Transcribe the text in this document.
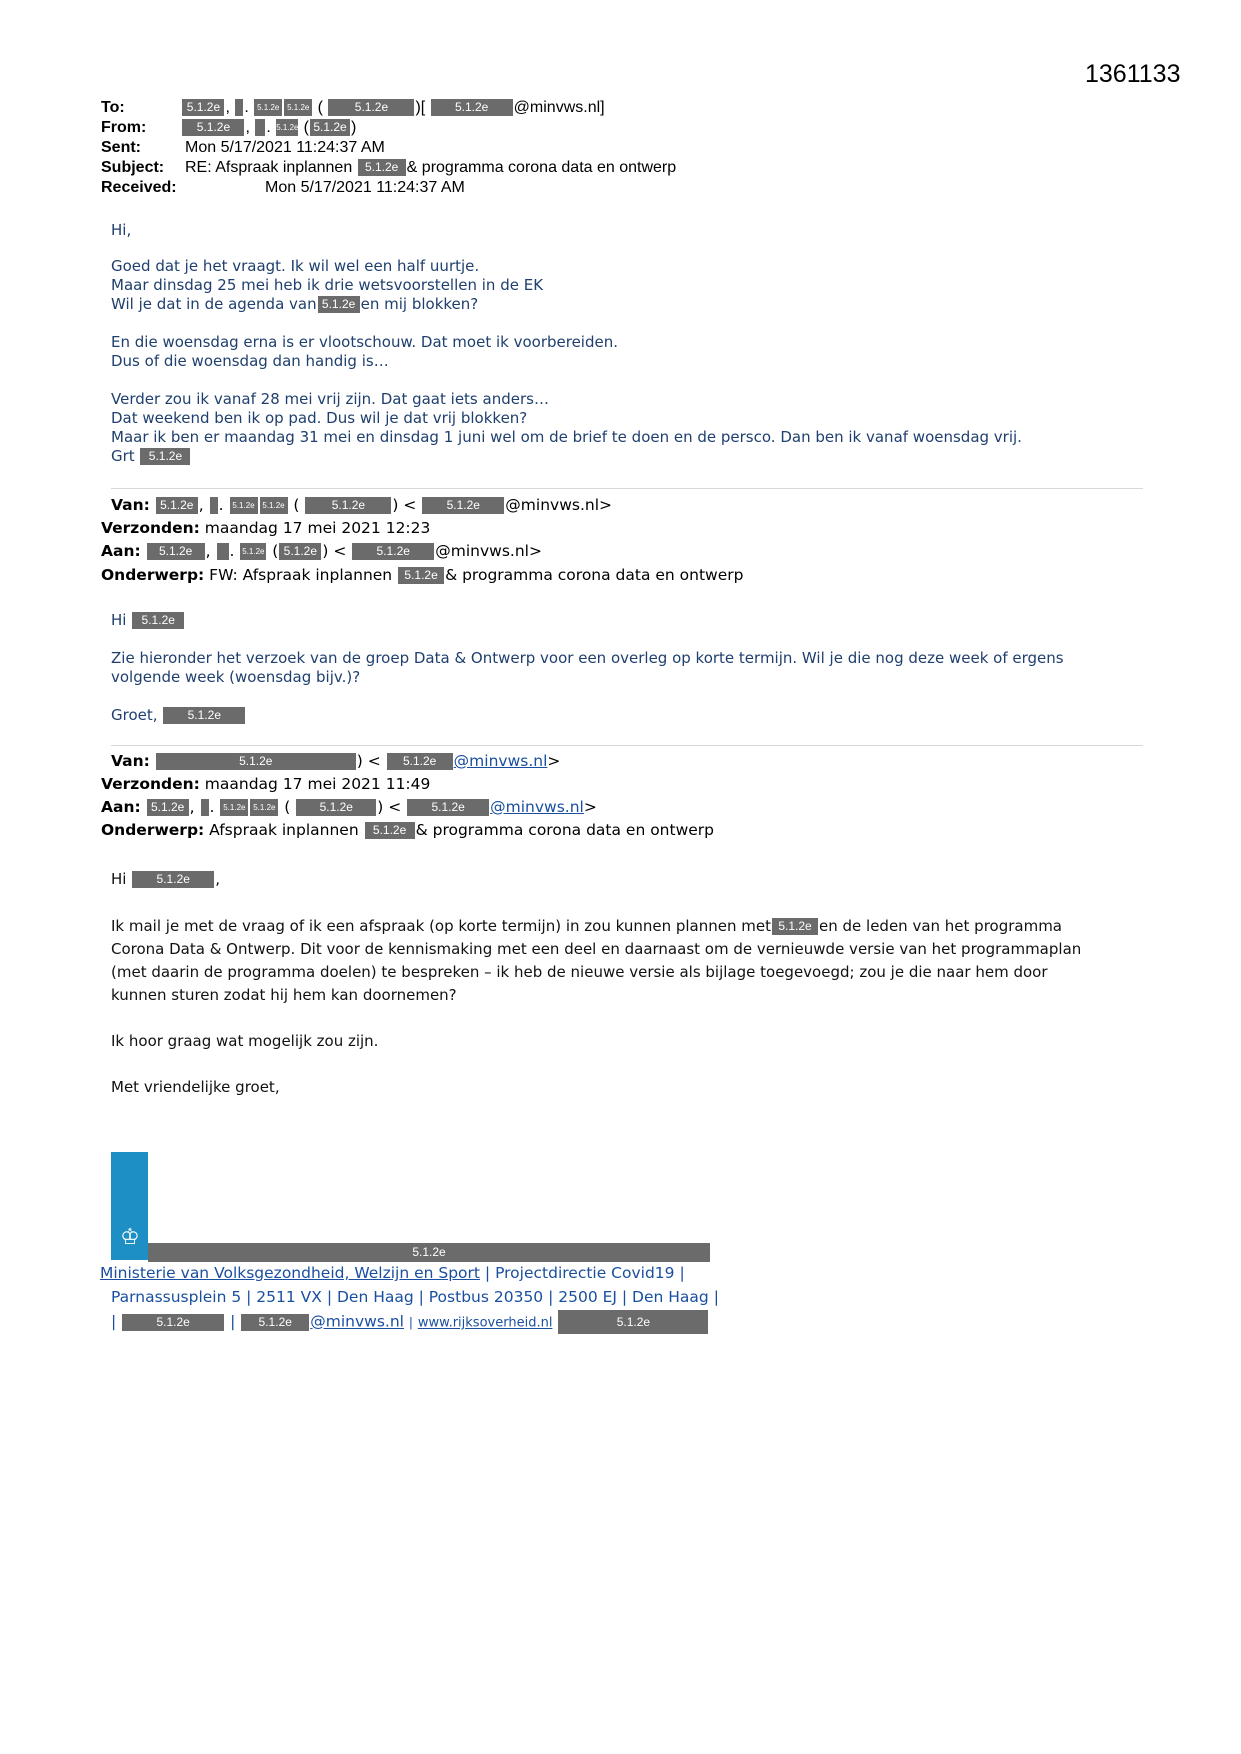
1361133
To:	5.1.2e , . 5.1.2e 5.1.2e ( 5.1.2e )[ 5.1.2e @minvws.nl]
From:	5.1.2e , . 5.1.2e ( 5.1.2e )
Sent:	Mon 5/17/2021 11:24:37 AM
Subject: RE: Afspraak inplannen 5.1.2e & programma corona data en ontwerp
Received:	Mon 5/17/2021 11:24:37 AM
Hi,
Goed dat je het vraagt. Ik wil wel een half uurtje.
Maar dinsdag 25 mei heb ik drie wetsvoorstellen in de EK
Wil je dat in de agenda van 5.1.2e en mij blokken?
En die woensdag erna is er vlootschouw. Dat moet ik voorbereiden.
Dus of die woensdag dan handig is…
Verder zou ik vanaf 28 mei vrij zijn. Dat gaat iets anders…
Dat weekend ben ik op pad. Dus wil je dat vrij blokken?
Maar ik ben er maandag 31 mei en dinsdag 1 juni wel om de brief te doen en de persco. Dan ben ik vanaf woensdag vrij.
Grt 5.1.2e
Van: 5.1.2e , . 5.1.2e 5.1.2e ( 5.1.2e ) < 5.1.2e @minvws.nl>
Verzonden: maandag 17 mei 2021 12:23
Aan: 5.1.2e , . 5.1.2e ( 5.1.2e ) < 5.1.2e @minvws.nl>
Onderwerp: FW: Afspraak inplannen 5.1.2e & programma corona data en ontwerp
Hi 5.1.2e
Zie hieronder het verzoek van de groep Data & Ontwerp voor een overleg op korte termijn. Wil je die nog deze week of ergens
volgende week (woensdag bijv.)?
Groet,	5.1.2e
Van:	5.1.2e	) < 5.1.2e @minvws.nl>
Verzonden: maandag 17 mei 2021 11:49
Aan: 5.1.2e , . 5.1.2e 5.1.2e ( 5.1.2e ) < 5.1.2e @minvws.nl>
Onderwerp: Afspraak inplannen 5.1.2e & programma corona data en ontwerp
Hi	5.1.2e ,
Ik mail je met de vraag of ik een afspraak (op korte termijn) in zou kunnen plannen met 5.1.2e en de leden van het programma
Corona Data & Ontwerp. Dit voor de kennismaking met een deel en daarnaast om de vernieuwde versie van het programmaplan
(met daarin de programma doelen) te bespreken – ik heb de nieuwe versie als bijlage toegevoegd; zou je die naar hem door
kunnen sturen zodat hij hem kan doornemen?
Ik hoor graag wat mogelijk zou zijn.
Met vriendelijke groet,
♔
5.1.2e
Ministerie van Volksgezondheid, Welzijn en Sport | Projectdirectie Covid19 |
Parnassusplein 5 | 2511 VX | Den Haag | Postbus 20350 | 2500 EJ | Den Haag |
|	5.1.2e | 5.1.2e @minvws.nl | www.rijksoverheid.nl	5.1.2e
